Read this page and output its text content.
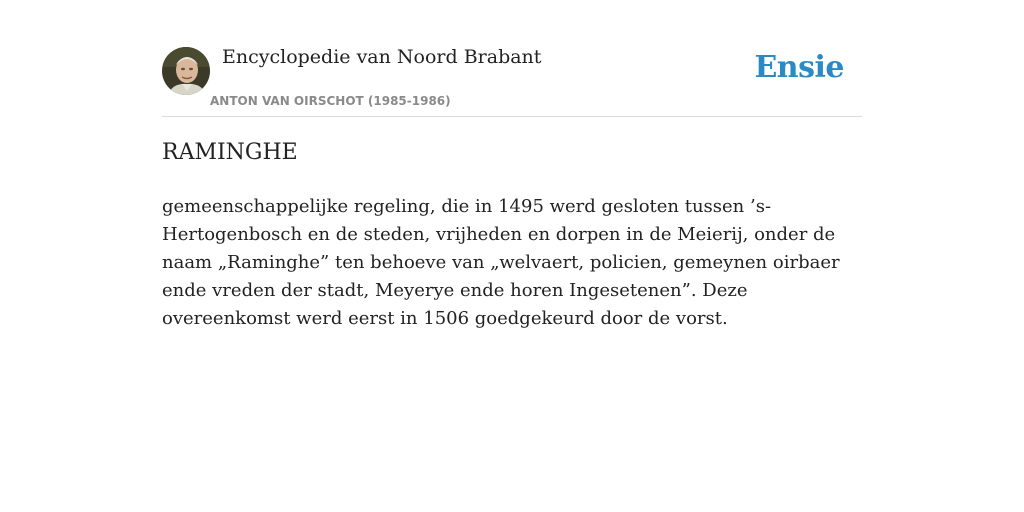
Encyclopedie van Noord Brabant
ANTON VAN OIRSCHOT (1985-1986)
Ensie
RAMINGHE

gemeenschappelijke regeling, die in 1495 werd gesloten tussen ’s-Hertogenbosch en de steden, vrijheden en dorpen in de Meierij, onder de naam „Raminghe” ten behoeve van „welvaert, policien, gemeynen oirbaer ende vreden der stadt, Meyerye ende horen Ingesetenen”. Deze overeenkomst werd eerst in 1506 goedgekeurd door de vorst.
